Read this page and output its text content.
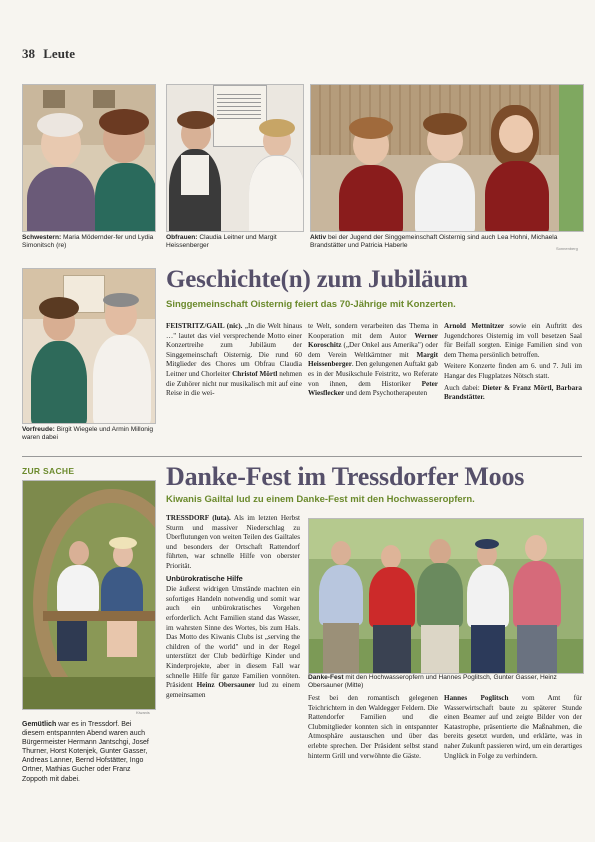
38 Leute
Schwestern: Maria Mödernder-fer und Lydia Simonitsch (re)
Obfrauen: Claudia Leitner und Margit Heissenberger
Aktiv bei der Jugend der Singgemeinschaft Oisternig sind auch Lea Hohni, Michaela Brandstätter und Patricia Haberle	Sonnenberg
Vorfreude: Birgit Wiegele und Armin Millonig waren dabei
Geschichte(n) zum Jubiläum
Singgemeinschaft Oisternig feiert das 70-Jährige mit Konzerten.
FEISTRITZ/GAIL (nic). „In die Welt hinaus …" lautet das viel versprechende Motto einer Konzertreihe zum Jubiläum der Singgemeinschaft Oisternig. Die rund 60 Mitglieder des Chores um Obfrau Claudia Leitner und Chorleiter Christof Mörtl nehmen die Zuhörer nicht nur musikalisch mit auf eine Reise in die wei-
te Welt, sondern verarbeiten das Thema in Kooperation mit dem Autor Werner Koroschitz („Der Onkel aus Amerika") oder dem Verein Weltkärntner mit Margit Heissenberger. Den gelungenen Auftakt gab es in der Musikschule Feistritz, wo Referate von ihnen, dem Historiker Peter Wiesflecker und dem Psychotherapeuten

Arnold Mettnitzer sowie ein Auftritt des Jugendchores Oisternig im voll besetzen Saal für Beifall sorgten. Einige Familien sind von dem Thema persönlich betroffen.

Weitere Konzerte finden am 6. und 7. Juli im Hangar des Flugplatzes Nötsch statt.

Auch dabei: Dieter & Franz Mörtl, Barbara Brandstätter.

ZUR SACHE
Kiwanis
Gemütlich war es in Tressdorf. Bei diesem entspannten Abend waren auch Bürgermeister Hermann Jantschgi, Josef Thurner, Horst Kotenjek, Gunter Gasser, Andreas Lanner, Bernd Hofstätter, Ingo Ortner, Mathias Gucher oder Franz Zoppoth mit dabei.
Danke-Fest im Tressdorfer Moos
Kiwanis Gailtal lud zu einem Danke-Fest mit den Hochwasseropfern.

TRESSDORF (luta). Als im letzten Herbst Sturm und massiver Niederschlag zu Überflutungen von weiten Teilen des Gailtales und besonders der Ortschaft Rattendorf führten, war schnelle Hilfe von oberster Priorität.

Unbürokratische Hilfe

Die äußerst widrigen Umstände machten ein sofortiges Handeln notwendig und somit war auch ein unbürokratisches Vorgehen erforderlich. Acht Familien stand das Wasser, im wahrsten Sinne des Wortes, bis zum Hals. Das Motto des Kiwanis Clubs ist „serving the children of the world" und in der Regel unterstützt der Club bedürftige Kinder und Kinderprojekte, aber in diesem Fall war schnelle Hilfe für ganze Familien vonnöten. Präsident Heinz Obersauner lud zu einem gemeinsamen

Danke-Fest mit den Hochwasseropfern und Hannes Poglitsch, Gunter Gasser, Heinz Obersauner (Mitte)
Fest bei den romantisch gelegenen Teichrichtern in den Waldegger Feldern. Die Rattendorfer Familien und die Clubmitglieder konnten sich in entspannter Atmosphäre austauschen und über das erlebte sprechen. Der Präsident selbst stand hinterm Grill und verwöhnte die Gäste.
Hannes Poglitsch vom Amt für Wasserwirtschaft baute zu späterer Stunde einen Beamer auf und zeigte Bilder von der Katastrophe, präsentierte die Maßnahmen, die bereits gesetzt wurden, und erklärte, was in naher Zukunft passieren wird, um ein derartiges Unglück in Folge zu verhindern.
